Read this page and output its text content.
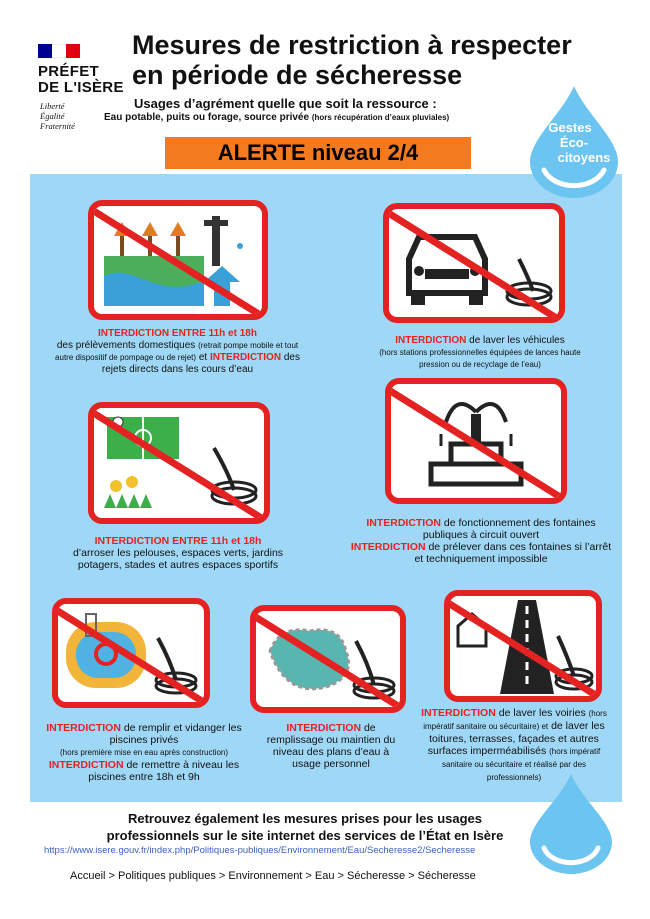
PRÉFET
DE L'ISÈRE
Liberté
Égalité
Fraternité
Mesures de restriction à respecter
en période de sécheresse
Usages d’agrément quelle que soit la ressource :
Eau potable, puits ou forage, source privée (hors récupération d’eaux pluviales)
ALERTE niveau 2/4
Gestes
Éco-
citoyens
INTERDICTION ENTRE 11h et 18h
des prélèvements domestiques (retrait pompe mobile et tout autre dispositif de pompage ou de rejet) et INTERDICTION des rejets directs dans les cours d’eau
INTERDICTION de laver les véhicules
(hors stations professionnelles équipées de lances haute pression ou de recyclage de l’eau)
INTERDICTION ENTRE 11h et 18h
d’arroser les pelouses, espaces verts, jardins potagers, stades et autres espaces sportifs
INTERDICTION de fonctionnement des fontaines publiques à circuit ouvert
INTERDICTION de prélever dans ces fontaines si l’arrêt et techniquement impossible
INTERDICTION de remplir et vidanger les piscines privés
(hors première mise en eau après construction)
INTERDICTION de remettre à niveau les piscines entre 18h et 9h
INTERDICTION de remplissage ou maintien du niveau des plans d’eau à usage personnel
INTERDICTION de laver les voiries (hors impératif sanitaire ou sécuritaire) et de laver les toitures, terrasses, façades et autres surfaces imperméabilisés (hors impératif sanitaire ou sécuritaire et réalisé par des professionnels)
Retrouvez également les mesures prises pour les usages
professionnels sur le site internet des services de l’État en Isère
https://www.isere.gouv.fr/index.php/Politiques-publiques/Environnement/Eau/Secheresse2/Secheresse
Accueil > Politiques publiques > Environnement > Eau > Sécheresse > Sécheresse
